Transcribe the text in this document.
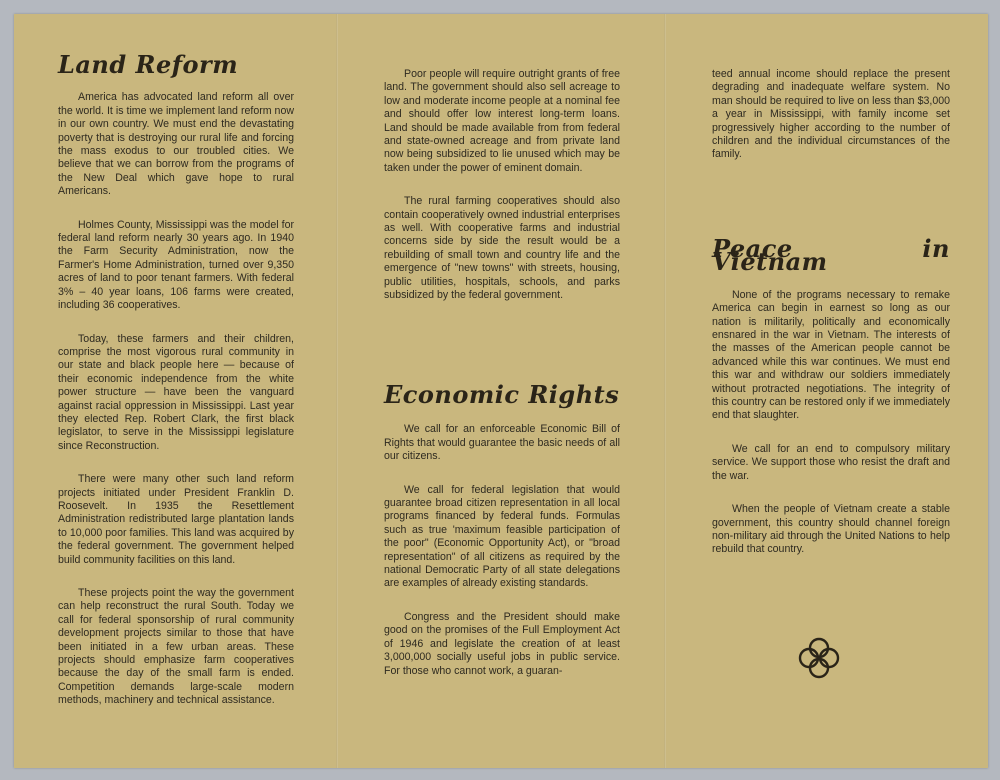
Land Reform

America has advocated land reform all over the world. It is time we implement land reform now in our own country. We must end the devastating poverty that is destroying our rural life and forcing the mass exodus to our troubled cities. We believe that we can borrow from the programs of the New Deal which gave hope to rural Americans.

Holmes County, Mississippi was the model for federal land reform nearly 30 years ago. In 1940 the Farm Security Administration, now the Farmer's Home Administration, turned over 9,350 acres of land to poor tenant farmers. With federal 3% – 40 year loans, 106 farms were created, including 36 cooperatives.

Today, these farmers and their children, comprise the most vigorous rural community in our state and black people here — because of their economic independence from the white power structure — have been the vanguard against racial oppression in Mississippi. Last year they elected Rep. Robert Clark, the first black legislator, to serve in the Mississippi legislature since Reconstruction.

There were many other such land reform projects initiated under President Franklin D. Roosevelt. In 1935 the Resettlement Administration redistributed large plantation lands to 10,000 poor families. This land was acquired by the federal government. The government helped build community facilities on this land.

These projects point the way the government can help reconstruct the rural South. Today we call for federal sponsorship of rural community development projects similar to those that have been initiated in a few urban areas. These projects should emphasize farm cooperatives because the day of the small farm is ended. Competition demands large-scale modern methods, machinery and technical assistance.

Poor people will require outright grants of free land. The government should also sell acreage to low and moderate income people at a nominal fee and should offer low interest long-term loans. Land should be made available from from federal and state-owned acreage and from private land now being subsidized to lie unused which may be taken under the power of eminent domain.

The rural farming cooperatives should also contain cooperatively owned industrial enterprises as well. With cooperative farms and industrial concerns side by side the result would be a rebuilding of small town and country life and the emergence of "new towns" with streets, housing, public utilities, hospitals, schools, and parks subsidized by the federal government.

Economic Rights

We call for an enforceable Economic Bill of Rights that would guarantee the basic needs of all our citizens.

We call for federal legislation that would guarantee broad citizen representation in all local programs financed by federal funds. Formulas such as true 'maximum feasible participation of the poor" (Economic Opportunity Act), or "broad representation" of all citizens as required by the national Democratic Party of all state delegations are examples of already existing standards.

Congress and the President should make good on the promises of the Full Employment Act of 1946 and legislate the creation of at least 3,000,000 socially useful jobs in public service. For those who cannot work, a guaran-

teed annual income should replace the present degrading and inadequate welfare system. No man should be required to live on less than $3,000 a year in Mississippi, with family income set progressively higher according to the number of children and the individual circumstances of the family.

Peace in Vietnam

None of the programs necessary to remake America can begin in earnest so long as our nation is militarily, politically and economically ensnared in the war in Vietnam. The interests of the masses of the American people cannot be advanced while this war continues. We must end this war and withdraw our soldiers immediately without protracted negotiations. The integrity of this country can be restored only if we immediately end that slaughter.

We call for an end to compulsory military service. We support those who resist the draft and the war.

When the people of Vietnam create a stable government, this country should channel foreign non-military aid through the United Nations to help rebuild that country.
